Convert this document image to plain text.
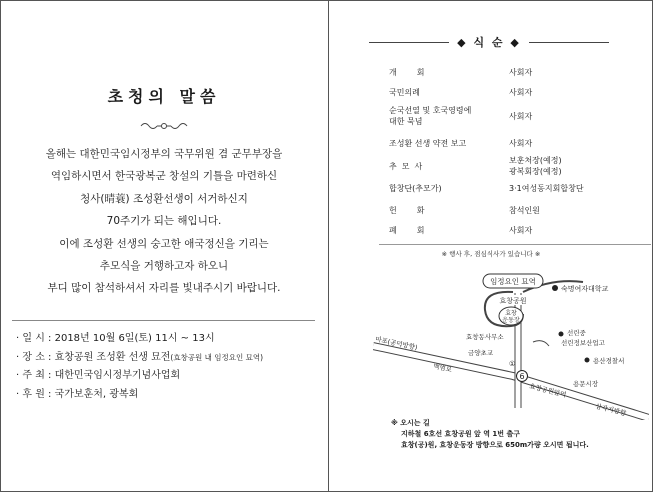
초청의 말씀
올해는 대한민국임시정부의 국무위원 겸 군무부장을
역임하시면서 한국광복군 창설의 기틀을 마련하신
청사(晴蓑) 조성환선생이 서거하신지
70주기가 되는 해입니다.
이에 조성환 선생의 숭고한 애국정신을 기리는
추모식을 거행하고자 하오니
부디 많이 참석하셔서 자리를 빛내주시기 바랍니다.
· 일 시 : 2018년 10월 6일(토) 11시 ~ 13시
· 장 소 : 효창공원 조성환 선생 묘전(효창공원 내 임정요인 묘역)
· 주 최 : 대한민국임시정부기념사업회
· 후 원 : 국가보훈처, 광복회
◆ 식 순 ◆
개회	사회자
국민의례	사회자
순국선열 및 호국영령에
대한 묵념
사회자
조성환 선생 약전 보고	사회자
추모사
보훈처장(예정)
광복회장(예정)
합창단(추모가)	3·1여성동지회합창단
헌화	참석인원
폐회	사회자
※ 행사 후, 점심식사가 있습니다 ※
임정요인 묘역
효창공원
효창
운동장
숙명여자대학교
효창동사무소
금양초교
선린중
선린정보산업고
용산경찰서
마포(공덕방향)
백범로
용문시장
삼각지방향
효창공원앞역
6
①
※ 오시는 길
지하철 6호선 효창공원 앞 역 1번 출구
효창(공)원, 효창운동장 방향으로 650m가량 오시면 됩니다.
